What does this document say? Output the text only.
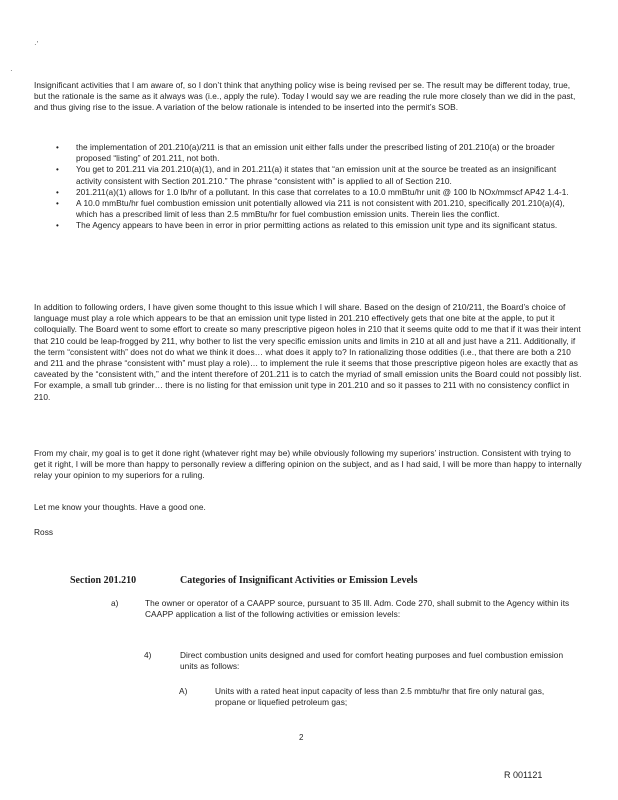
·’
·

Insignificant activities that I am aware of, so I don’t think that anything policy wise is being revised per se. The result may be different today, true, but the rationale is the same as it always was (i.e., apply the rule). Today I would say we are reading the rule more closely than we did in the past, and thus giving rise to the issue. A variation of the below rationale is intended to be inserted into the permit’s SOB.

• the implementation of 201.210(a)/211 is that an emission unit either falls under the prescribed listing of 201.210(a) or the broader proposed “listing” of 201.211, not both.
• You get to 201.211 via 201.210(a)(1), and in 201.211(a) it states that “an emission unit at the source be treated as an insignificant activity consistent with Section 201.210.” The phrase “consistent with” is applied to all of Section 210.
• 201.211(a)(1) allows for 1.0 lb/hr of a pollutant. In this case that correlates to a 10.0 mmBtu/hr unit @ 100 lb NOx/mmscf AP42 1.4-1.
• A 10.0 mmBtu/hr fuel combustion emission unit potentially allowed via 211 is not consistent with 201.210, specifically 201.210(a)(4), which has a prescribed limit of less than 2.5 mmBtu/hr for fuel combustion emission units. Therein lies the conflict.
• The Agency appears to have been in error in prior permitting actions as related to this emission unit type and its significant status.

In addition to following orders, I have given some thought to this issue which I will share. Based on the design of 210/211, the Board’s choice of language must play a role which appears to be that an emission unit type listed in 201.210 effectively gets that one bite at the apple, to put it colloquially. The Board went to some effort to create so many prescriptive pigeon holes in 210 that it seems quite odd to me that if it was their intent that 210 could be leap-frogged by 211, why bother to list the very specific emission units and limits in 210 at all and just have a 211. Additionally, if the term “consistent with” does not do what we think it does… what does it apply to? In rationalizing those oddities (i.e., that there are both a 210 and 211 and the phrase “consistent with” must play a role)… to implement the rule it seems that those prescriptive pigeon holes are exactly that as caveated by the “consistent with,” and the intent therefore of 201.211 is to catch the myriad of small emission units the Board could not possibly list. For example, a small tub grinder… there is no listing for that emission unit type in 201.210 and so it passes to 211 with no consistency conflict in 210.

From my chair, my goal is to get it done right (whatever right may be) while obviously following my superiors’ instruction. Consistent with trying to get it right, I will be more than happy to personally review a differing opinion on the subject, and as I had said, I will be more than happy to internally relay your opinion to my superiors for a ruling.

Let me know your thoughts. Have a good one.

Ross

Section 201.210	Categories of Insignificant Activities or Emission Levels
a)	The owner or operator of a CAAPP source, pursuant to 35 Ill. Adm. Code 270, shall submit to the Agency within its CAAPP application a list of the following activities or emission levels:
4)	Direct combustion units designed and used for comfort heating purposes and fuel combustion emission units as follows:
A)	Units with a rated heat input capacity of less than 2.5 mmbtu/hr that fire only natural gas, propane or liquefied petroleum gas;
2
R 001121
